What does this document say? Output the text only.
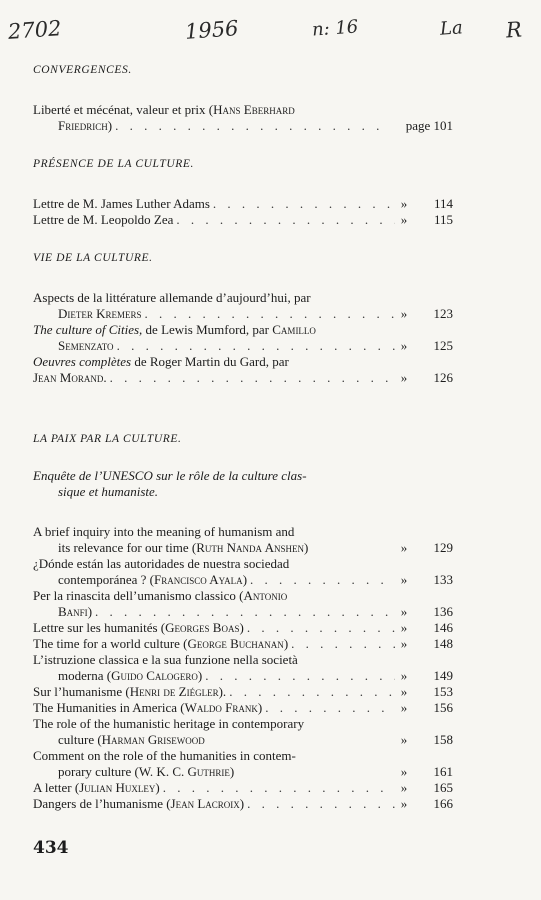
2702	1956	n: 16	La R

CONVERGENCES.

Liberté et mécénat, valeur et prix ( Hans Eberhard
Friedrich ) . . .	page 101

PRÉSENCE DE LA CULTURE.

Lettre de M. James Luther Adams . . .	»	114
Lettre de M. Leopoldo Zea . . .	»	115

VIE DE LA CULTURE.

Aspects de la littérature allemande d’aujourd’hui, par
Dieter Kremers . . .	»	123
The culture of Cities, de Lewis Mumford, par Camillo
Semenzato . . .	»	125
Oeuvres complètes de Roger Martin du Gard, par
Jean Morand. . . .	»	126

LA PAIX PAR LA CULTURE.

Enquête de l’UNESCO sur le rôle de la culture clas-
sique et humaniste.
A brief inquiry into the meaning of humanism and
its relevance for our time ( Ruth Nanda Anshen )	»	129
¿Dónde están las autoridades de nuestra sociedad
contemporánea ? ( Francisco Ayala ) . . .	»	133
Per la rinascita dell’umanismo classico ( Antonio
Banfi ) . . .	»	136
Lettre sur les humanités ( Georges Boas ) . . .	»	146
The time for a world culture ( George Buchanan ) . . .	»	148
L’istruzione classica e la sua funzione nella società
moderna ( Guido Calogero ) . . .	»	149
Sur l’humanisme ( Henri de Ziégler ). . . .	»	153
The Humanities in America ( Waldo Frank ) . . .	»	156
The role of the humanistic heritage in contemporary
culture ( Harman Grisewood	»	158
Comment on the role of the humanities in contem-
porary culture ( W. K. C. Guthrie )	»	161
A letter ( Julian Huxley ) . . .	»	165
Dangers de l’humanisme ( Jean Lacroix ) . . .	»	166
434
